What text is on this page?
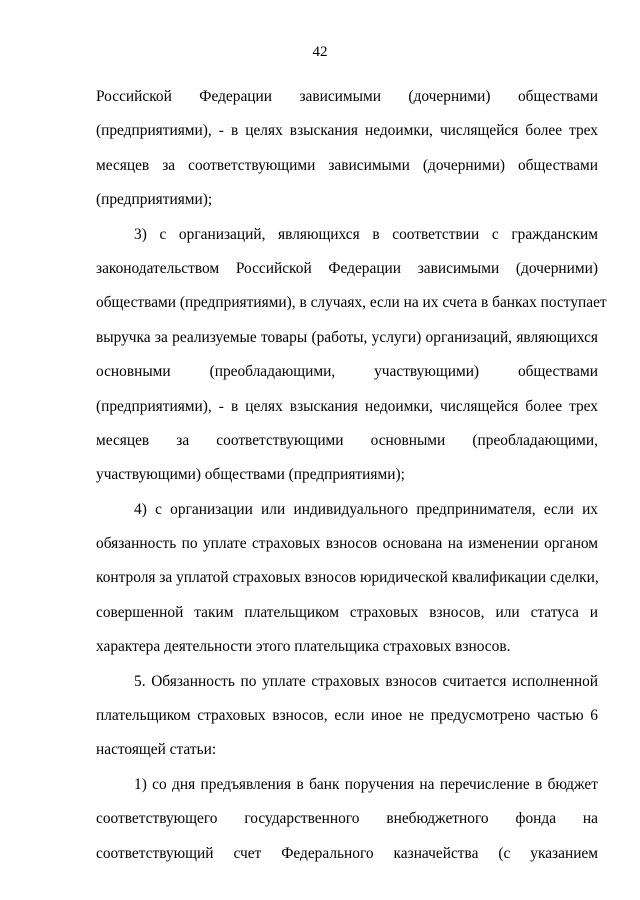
42
Российской Федерации зависимыми (дочерними) обществами
(предприятиями), - в целях взыскания недоимки, числящейся более трех
месяцев за соответствующими зависимыми (дочерними) обществами
(предприятиями);
3) с организаций, являющихся в соответствии с гражданским
законодательством Российской Федерации зависимыми (дочерними)
обществами (предприятиями), в случаях, если на их счета в банках поступает
выручка за реализуемые товары (работы, услуги) организаций, являющихся
основными (преобладающими, участвующими) обществами
(предприятиями), - в целях взыскания недоимки, числящейся более трех
месяцев за соответствующими основными (преобладающими,
участвующими) обществами (предприятиями);
4) с организации или индивидуального предпринимателя, если их
обязанность по уплате страховых взносов основана на изменении органом
контроля за уплатой страховых взносов юридической квалификации сделки,
совершенной таким плательщиком страховых взносов, или статуса и
характера деятельности этого плательщика страховых взносов.
5. Обязанность по уплате страховых взносов считается исполненной
плательщиком страховых взносов, если иное не предусмотрено частью 6
настоящей статьи:
1) со дня предъявления в банк поручения на перечисление в бюджет
соответствующего государственного внебюджетного фонда на
соответствующий счет Федерального казначейства (с указанием
